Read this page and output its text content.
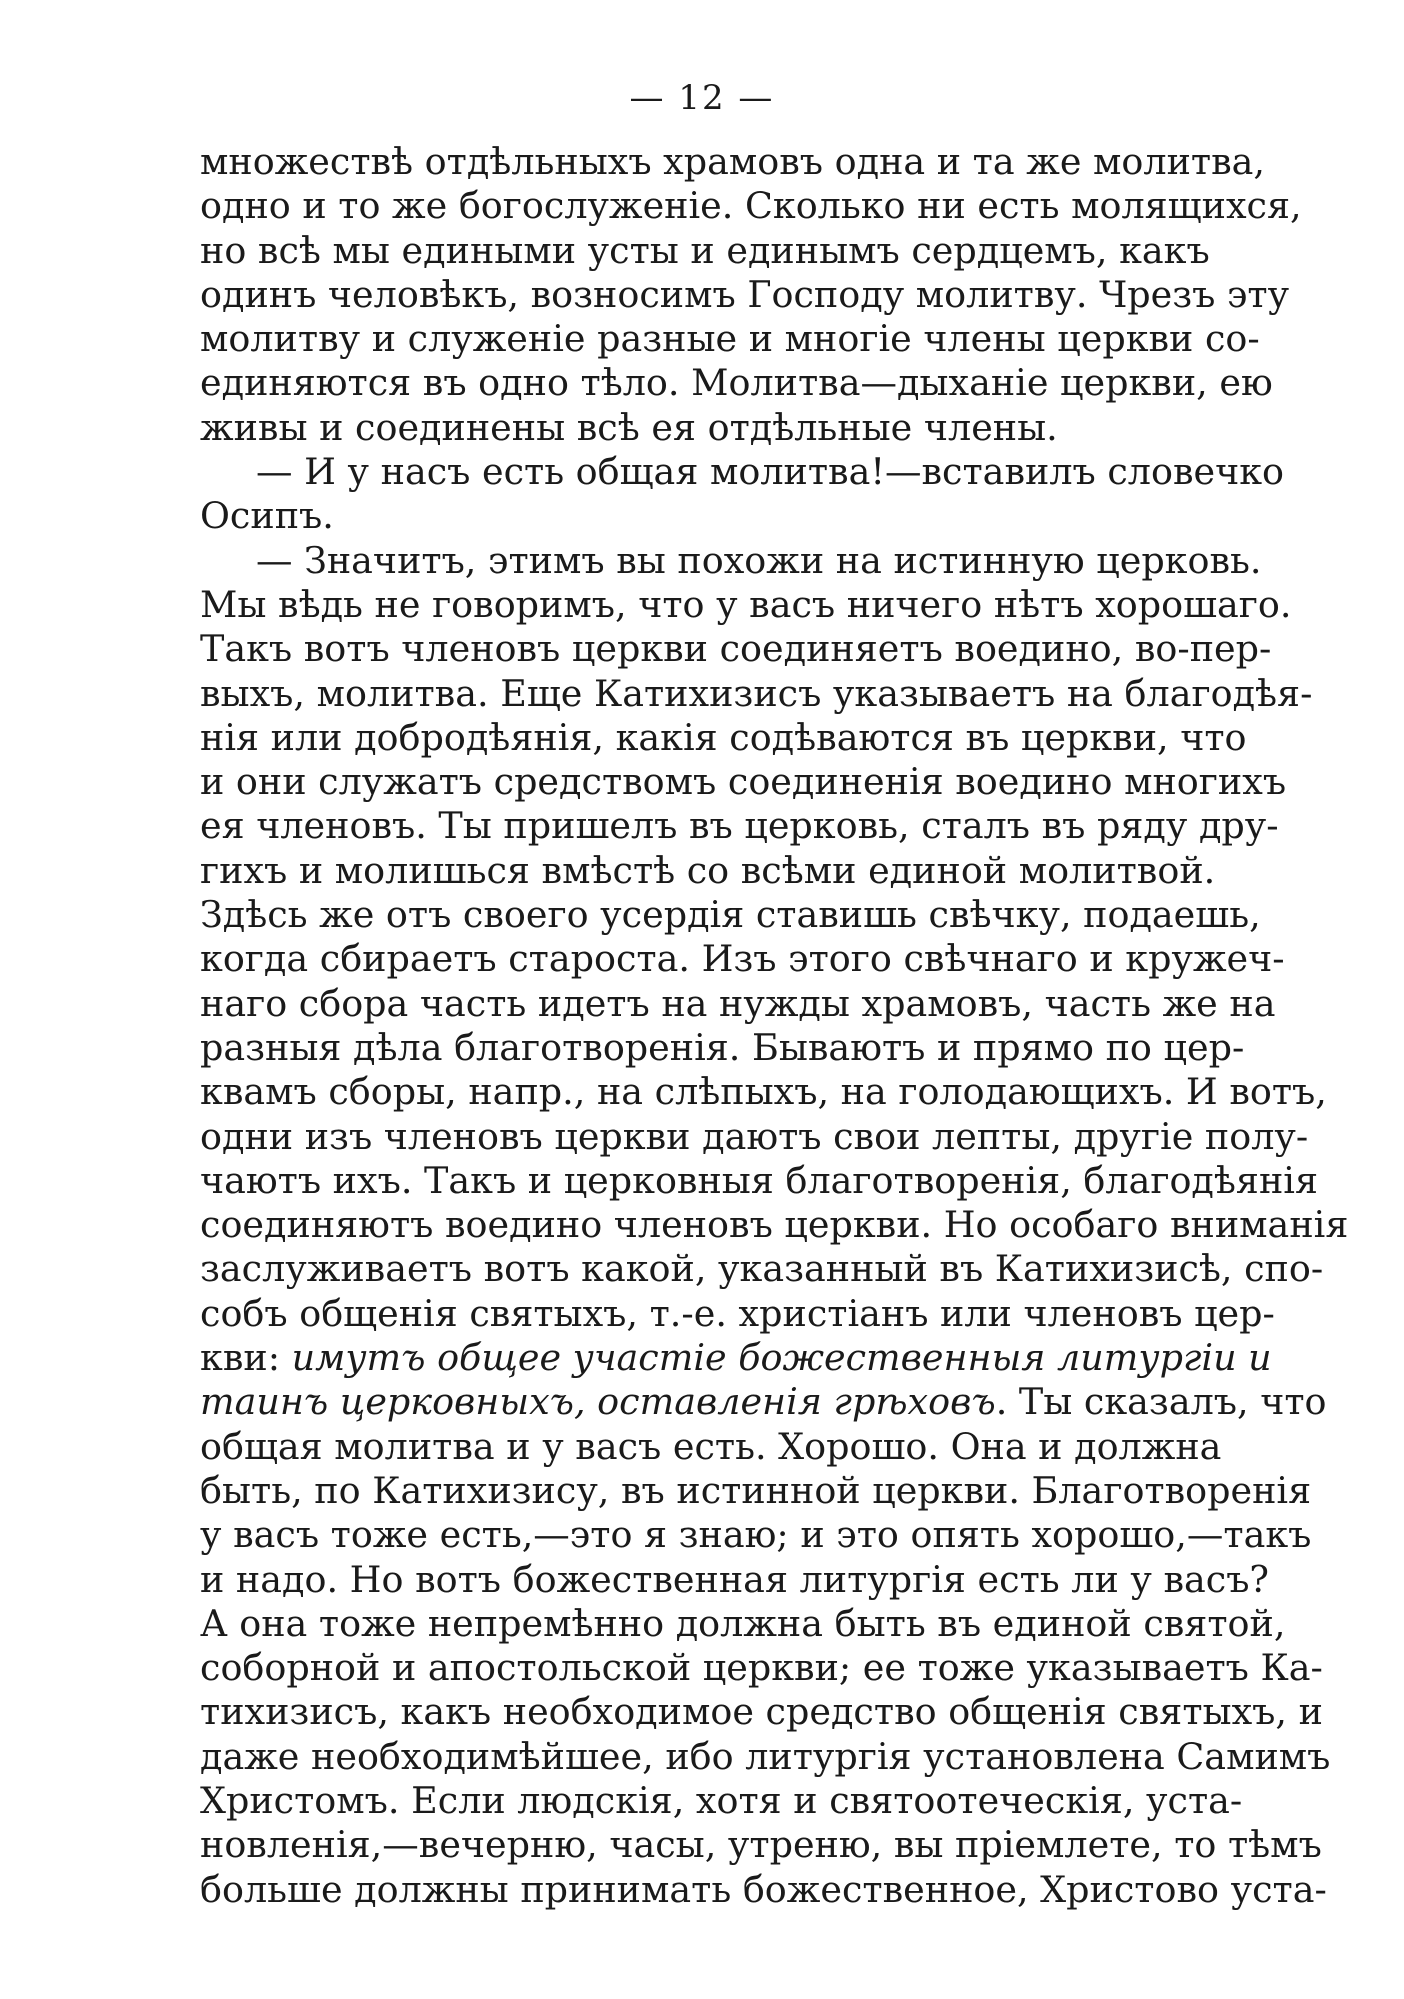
— 12 —
множествѣ отдѣльныхъ храмовъ одна и та же молитва,
одно и то же богослуженіе. Сколько ни есть молящихся,
но всѣ мы едиными усты и единымъ сердцемъ, какъ
одинъ человѣкъ, возносимъ Господу молитву. Чрезъ эту
молитву и служеніе разные и многіе члены церкви со-
единяются въ одно тѣло. Молитва—дыханіе церкви, ею
живы и соединены всѣ ея отдѣльные члены.
— И у насъ есть общая молитва!—вставилъ словечко
Осипъ.
— Значитъ, этимъ вы похожи на истинную церковь.
Мы вѣдь не говоримъ, что у васъ ничего нѣтъ хорошаго.
Такъ вотъ членовъ церкви соединяетъ воедино, во-пер-
выхъ, молитва. Еще Катихизисъ указываетъ на благодѣя-
нія или добродѣянія, какія содѣваются въ церкви, что
и они служатъ средствомъ соединенія воедино многихъ
ея членовъ. Ты пришелъ въ церковь, сталъ въ ряду дру-
гихъ и молишься вмѣстѣ со всѣми единой молитвой.
Здѣсь же отъ своего усердія ставишь свѣчку, подаешь,
когда сбираетъ староста. Изъ этого свѣчнаго и кружеч-
наго сбора часть идетъ на нужды храмовъ, часть же на
разныя дѣла благотворенія. Бываютъ и прямо по цер-
квамъ сборы, напр., на слѣпыхъ, на голодающихъ. И вотъ,
одни изъ членовъ церкви даютъ свои лепты, другіе полу-
чаютъ ихъ. Такъ и церковныя благотворенія, благодѣянія
соединяютъ воедино членовъ церкви. Но особаго вниманія
заслуживаетъ вотъ какой, указанный въ Катихизисѣ, спо-
собъ общенія святыхъ, т.-е. христіанъ или членовъ цер-
кви: имутъ общее участіе божественныя литургіи и
таинъ церковныхъ, оставленія грѣховъ. Ты сказалъ, что
общая молитва и у васъ есть. Хорошо. Она и должна
быть, по Катихизису, въ истинной церкви. Благотворенія
у васъ тоже есть,—это я знаю; и это опять хорошо,—такъ
и надо. Но вотъ божественная литургія есть ли у васъ?
А она тоже непремѣнно должна быть въ единой святой,
соборной и апостольской церкви; ее тоже указываетъ Ка-
тихизисъ, какъ необходимое средство общенія святыхъ, и
даже необходимѣйшее, ибо литургія установлена Самимъ
Христомъ. Если людскія, хотя и святоотеческія, уста-
новленія,—вечерню, часы, утреню, вы пріемлете, то тѣмъ
больше должны принимать божественное, Христово уста-
